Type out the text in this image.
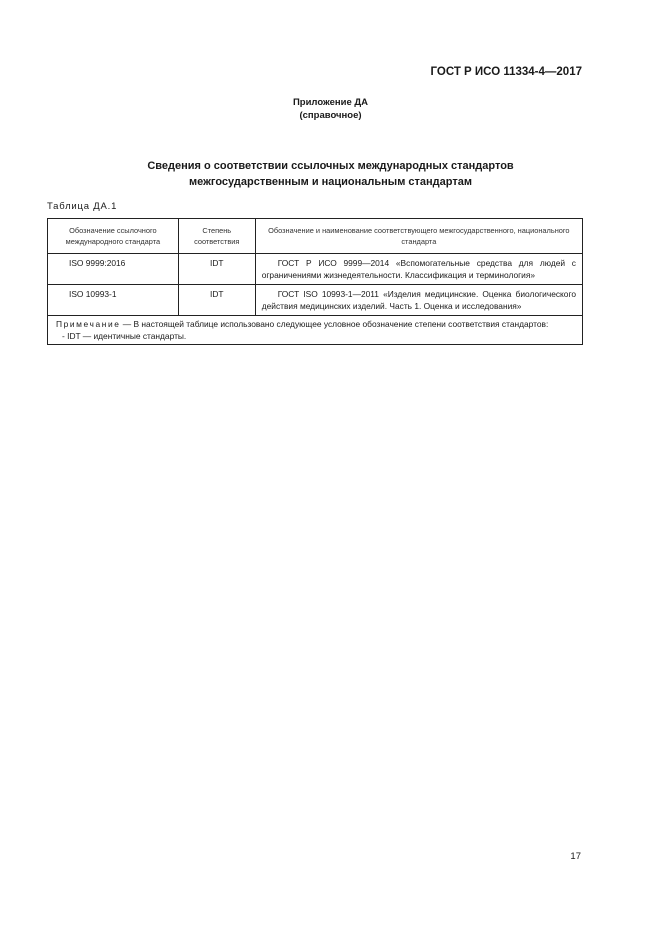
ГОСТ Р ИСО 11334-4—2017
Приложение ДА
(справочное)
Сведения о соответствии ссылочных международных стандартов
межгосударственным и национальным стандартам
Таблица ДА.1
Обозначение ссылочного международного стандарта	Степень соответствия	Обозначение и наименование соответствующего межгосударственного, национального стандарта
ISO 9999:2016	IDT	ГОСТ Р ИСО 9999—2014 «Вспомогательные средства для людей с ограничениями жизнедеятельности. Классификация и терминология»
ISO 10993-1	IDT	ГОСТ ISO 10993-1—2011 «Изделия медицинские. Оценка биологического действия медицинских изделий. Часть 1. Оценка и исследования»

Примечание — В настоящей таблице использовано следующее условное обозначение степени соответствия стандартов:
- IDT — идентичные стандарты.		
17
